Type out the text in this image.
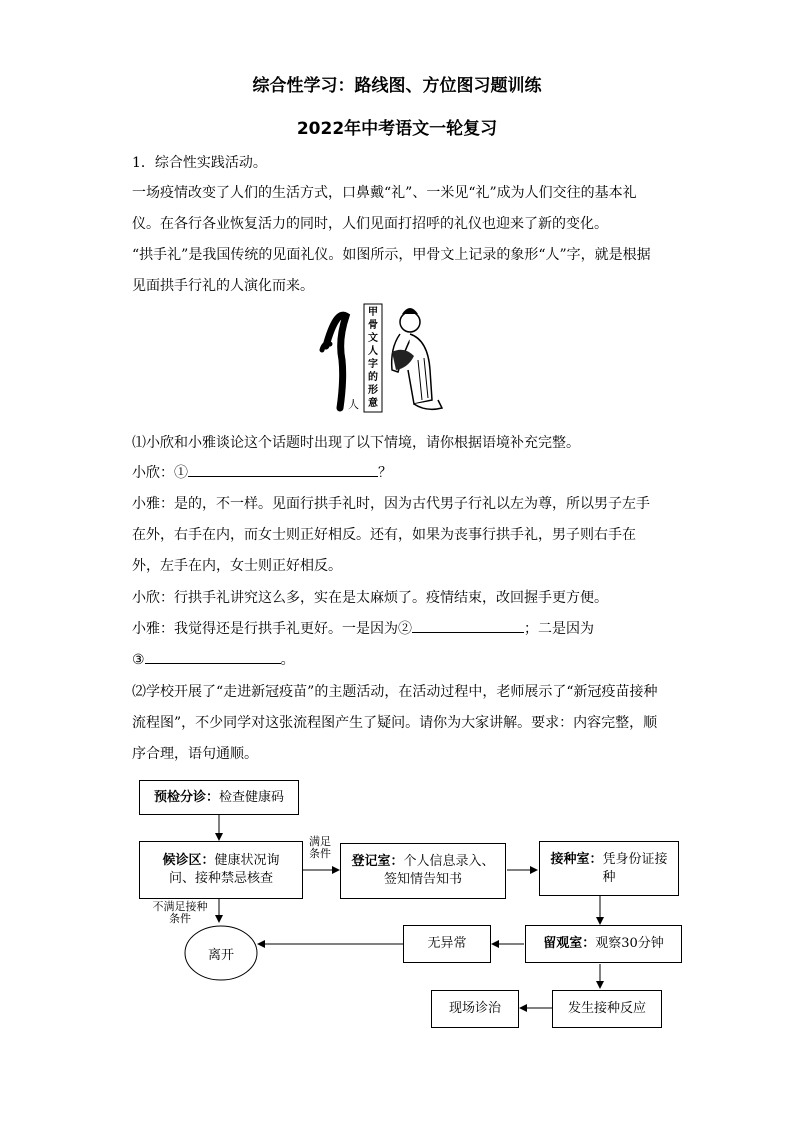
综合性学习：路线图、方位图习题训练
2022年中考语文一轮复习
1．综合性实践活动。
一场疫情改变了人们的生活方式，口鼻戴“礼”、一米见“礼”成为人们交往的基本礼
仪。在各行各业恢复活力的同时，人们见面打招呼的礼仪也迎来了新的变化。
“拱手礼”是我国传统的见面礼仪。如图所示，甲骨文上记录的象形“人”字，就是根据
见面拱手行礼的人演化而来。
甲骨文人字的形意
人
⑴小欣和小雅谈论这个话题时出现了以下情境，请你根据语境补充完整。
小欣：①	？
小雅：是的，不一样。见面行拱手礼时，因为古代男子行礼以左为尊，所以男子左手
在外，右手在内，而女士则正好相反。还有，如果为丧事行拱手礼，男子则右手在
外，左手在内，女士则正好相反。
小欣：行拱手礼讲究这么多，实在是太麻烦了。疫情结束，改回握手更方便。
小雅：我觉得还是行拱手礼更好。一是因为②	；二是因为
③	。
⑵学校开展了“走进新冠疫苗”的主题活动，在活动过程中，老师展示了“新冠疫苗接种
流程图”，不少同学对这张流程图产生了疑问。请你为大家讲解。要求：内容完整，顺
序合理，语句通顺。
预检分诊：检查健康码
候诊区：健康状况询问、接种禁忌核查
满足条件
登记室：个人信息录入、签知情告知书
接种室：凭身份证接种
不满足接种条件
留观室：观察30分钟
无异常
离开
发生接种反应
现场诊治
